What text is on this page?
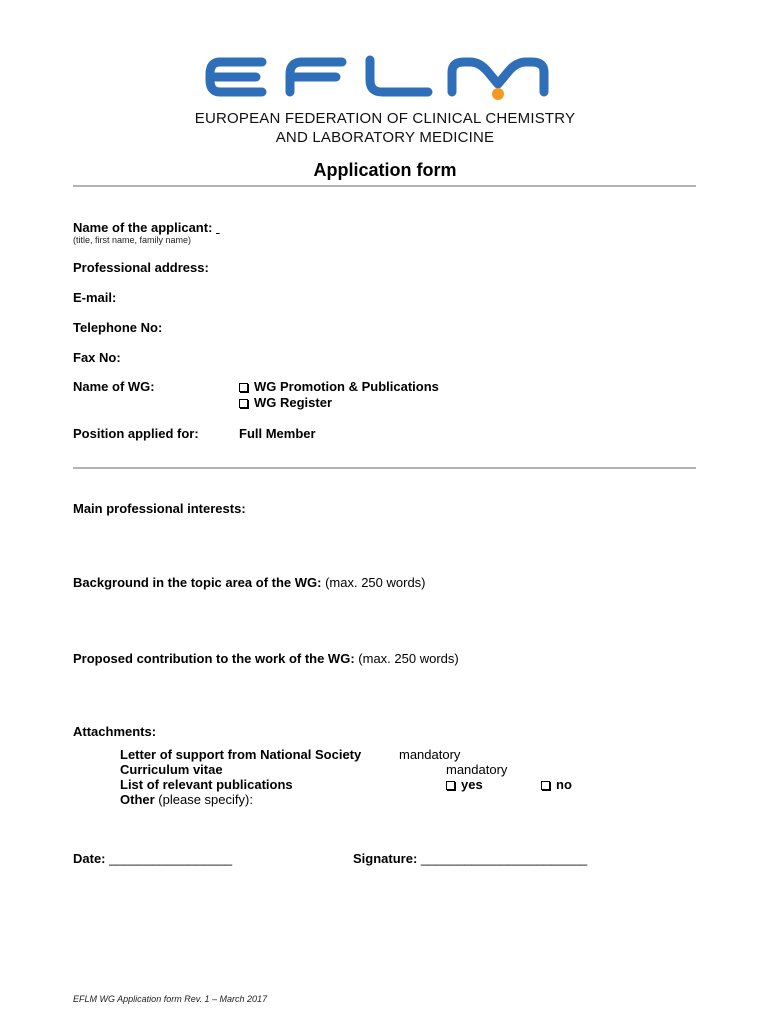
EUROPEAN FEDERATION OF CLINICAL CHEMISTRY
AND LABORATORY MEDICINE
Application form
Name of the applicant:
(title, first name, family name)
Professional address:
E-mail:
Telephone No:
Fax No:
Name of WG:	WG Promotion & Publications
WG Register
Position applied for:	Full Member
Main professional interests:
Background in the topic area of the WG: (max. 250 words)
Proposed contribution to the work of the WG: (max. 250 words)
Attachments:
Letter of support from National Society	mandatory
Curriculum vitae	mandatory
List of relevant publications	yes	no
Other (please specify):
Date: _________________	Signature: _______________________
EFLM WG Application form Rev. 1 – March 2017
